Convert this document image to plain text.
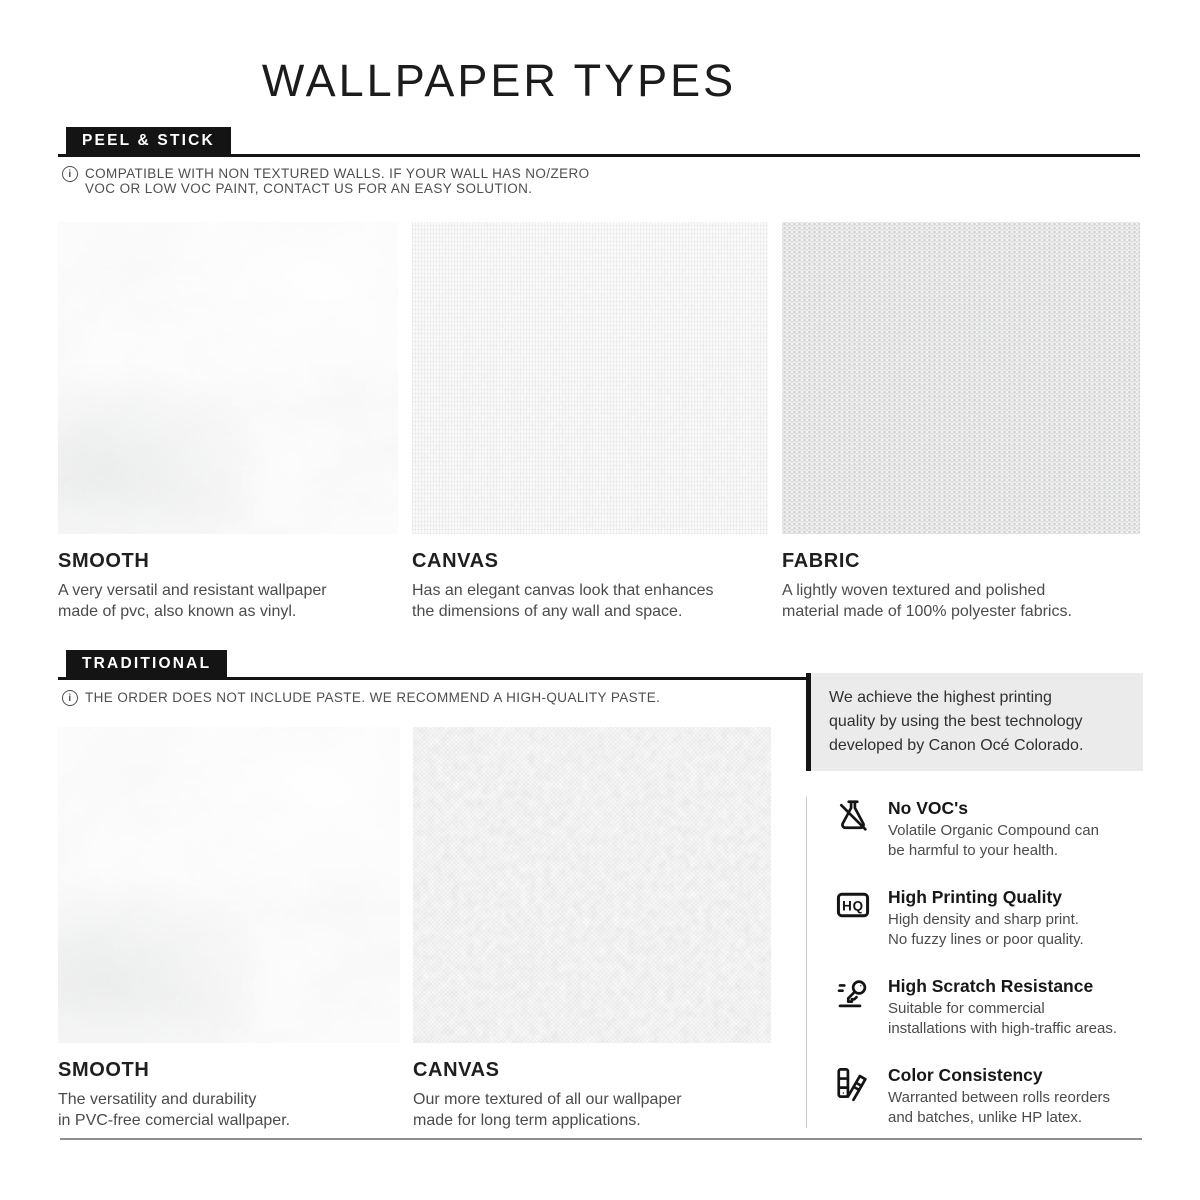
WALLPAPER TYPES
PEEL & STICK
i COMPATIBLE WITH NON TEXTURED WALLS. IF YOUR WALL HAS NO/ZERO
VOC OR LOW VOC PAINT, CONTACT US FOR AN EASY SOLUTION.
SMOOTH

A very versatil and resistant wallpaper
made of pvc, also known as vinyl.

CANVAS

Has an elegant canvas look that enhances
the dimensions of any wall and space.

FABRIC

A lightly woven textured and polished
material made of 100% polyester fabrics.

TRADITIONAL
i THE ORDER DOES NOT INCLUDE PASTE. WE RECOMMEND A HIGH-QUALITY PASTE.
SMOOTH

The versatility and durability
in PVC-free comercial wallpaper.

CANVAS

Our more textured of all our wallpaper
made for long term applications.

We achieve the highest printing
quality by using the best technology
developed by Canon Océ Colorado.

No VOC's

Volatile Organic Compound can
be harmful to your health.

HQ High Printing Quality

High density and sharp print.
No fuzzy lines or poor quality.

High Scratch Resistance

Suitable for commercial
installations with high-traffic areas.

Color Consistency

Warranted between rolls reorders
and batches, unlike HP latex.
